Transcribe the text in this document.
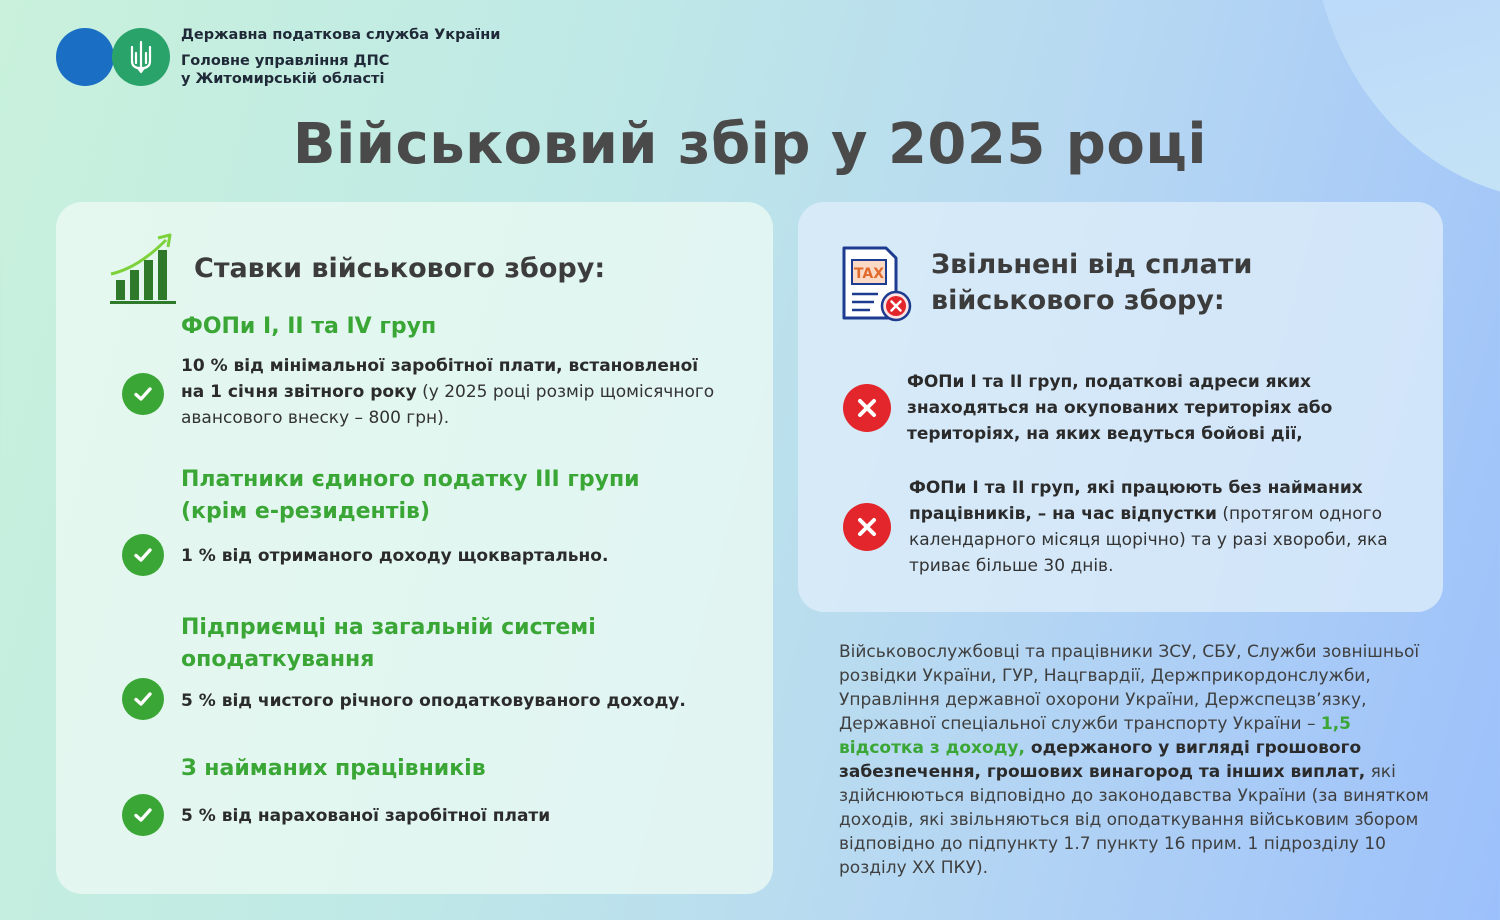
Державна податкова служба України
Головне управління ДПС
у Житомирській області
Військовий збір у 2025 році
Ставки військового збору:
ФОПи I, II та IV груп
10 % від мінімальної заробітної плати, встановленої на 1 січня звітного року (у 2025 році розмір щомісячного авансового внеску – 800 грн).
Платники єдиного податку III групи
(крім е-резидентів)
1 % від отриманого доходу щоквартально.
Підприємці на загальній системі
оподаткування
5 % від чистого річного оподатковуваного доходу.
З найманих працівників
5 % від нарахованої заробітної плати
TAX Звільнені від сплати
військового збору:
ФОПи І та ІІ груп, податкові адреси яких знаходяться на окупованих територіях або територіях, на яких ведуться бойові дії,
ФОПи І та ІІ груп, які працюють без найманих працівників, – на час відпустки (протягом одного календарного місяця щорічно) та у разі хвороби, яка триває більше 30 днів.
Військовослужбовці та працівники ЗСУ, СБУ, Служби зовнішньої розвідки України, ГУР, Нацгвардії, Держприкордонслужби, Управління державної охорони України, Держспецзв’язку, Державної спеціальної служби транспорту України – 1,5 відсотка з доходу, одержаного у вигляді грошового забезпечення, грошових винагород та інших виплат, які здійснюються відповідно до законодавства України (за винятком доходів, які звільняються від оподаткування військовим збором відповідно до підпункту 1.7 пункту 16 прим. 1 підрозділу 10 розділу XX ПКУ).
